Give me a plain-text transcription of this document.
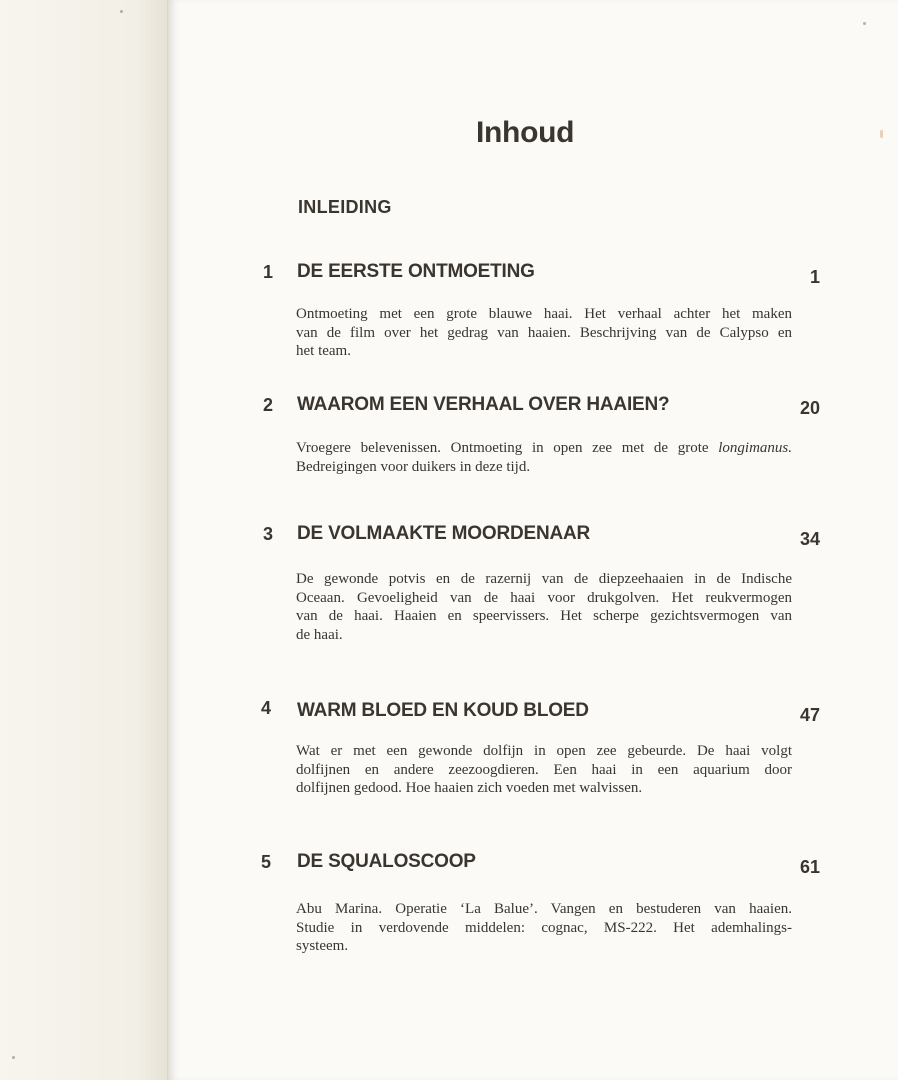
Inhoud
INLEIDING
1 DE EERSTE ONTMOETING	1
Ontmoeting met een grote blauwe haai. Het verhaal achter het maken
van de film over het gedrag van haaien. Beschrijving van de Calypso en
het team.
2 WAAROM EEN VERHAAL OVER HAAIEN?	20
Vroegere belevenissen. Ontmoeting in open zee met de grote longimanus.
Bedreigingen voor duikers in deze tijd.
3 DE VOLMAAKTE MOORDENAAR	34
De gewonde potvis en de razernij van de diepzeehaaien in de Indische
Oceaan. Gevoeligheid van de haai voor drukgolven. Het reukvermogen
van de haai. Haaien en speervissers. Het scherpe gezichtsvermogen van
de haai.
4 WARM BLOED EN KOUD BLOED	47
Wat er met een gewonde dolfijn in open zee gebeurde. De haai volgt
dolfijnen en andere zeezoogdieren. Een haai in een aquarium door
dolfijnen gedood. Hoe haaien zich voeden met walvissen.
5 DE SQUALOSCOOP	61
Abu Marina. Operatie ‘La Balue’. Vangen en bestuderen van haaien.
Studie in verdovende middelen: cognac, MS-222. Het ademhalings-
systeem.
